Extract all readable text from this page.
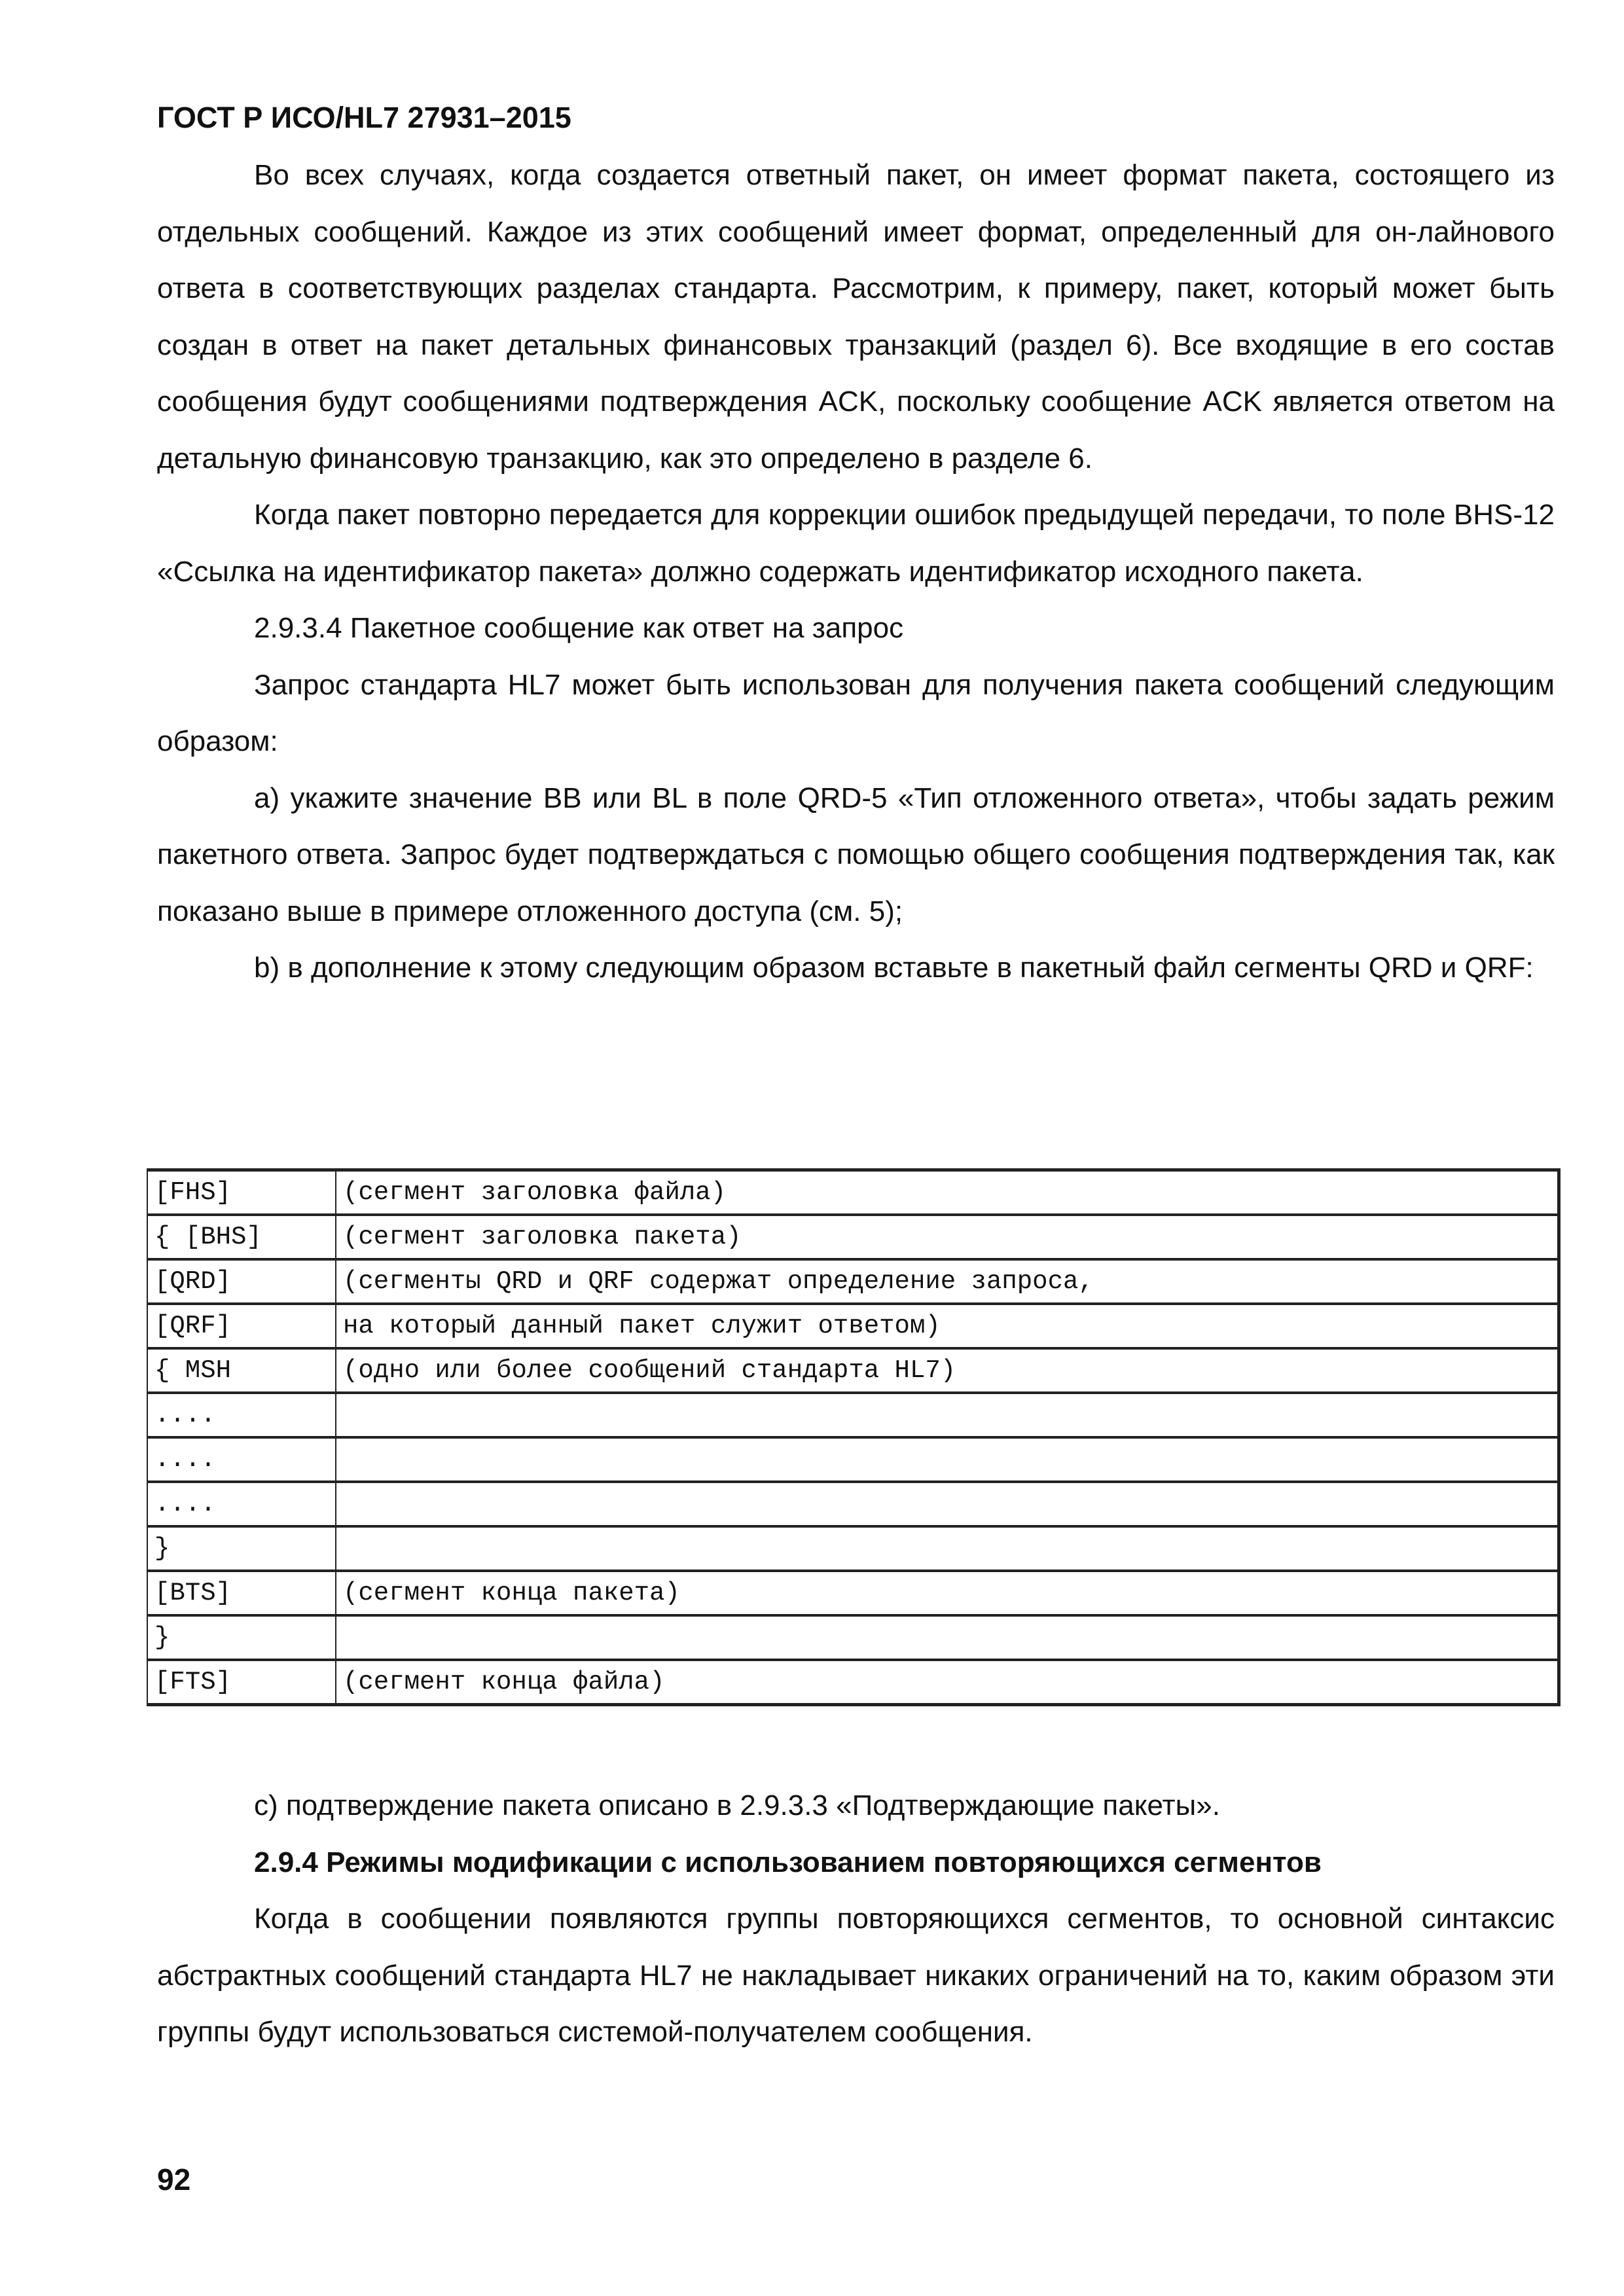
ГОСТ Р ИСО/HL7 27931–2015

Во всех случаях, когда создается ответный пакет, он имеет формат пакета, состоящего из отдельных сообщений. Каждое из этих сообщений имеет формат, определенный для он-лайнового ответа в соответствующих разделах стандарта. Рассмотрим, к примеру, пакет, который может быть создан в ответ на пакет детальных финансовых транзакций (раздел 6). Все входящие в его состав сообщения будут сообщениями подтверждения ACK, поскольку сообщение ACK является ответом на детальную финансовую транзакцию, как это определено в разделе 6.

Когда пакет повторно передается для коррекции ошибок предыдущей передачи, то поле BHS-12 «Ссылка на идентификатор пакета» должно содержать идентификатор исходного пакета.

2.9.3.4 Пакетное сообщение как ответ на запрос

Запрос стандарта HL7 может быть использован для получения пакета сообщений следующим образом:

a) укажите значение BB или BL в поле QRD-5 «Тип отложенного ответа», чтобы задать режим пакетного ответа. Запрос будет подтверждаться с помощью общего сообщения подтверждения так, как показано выше в примере отложенного доступа (см. 5);

b) в дополнение к этому следующим образом вставьте в пакетный файл сегменты QRD и QRF:

[FHS]	(сегмент заголовка файла)
{ [BHS]	(сегмент заголовка пакета)
[QRD]	(сегменты QRD и QRF содержат определение запроса,
[QRF]	на который данный пакет служит ответом)
{ MSH	(одно или более сообщений стандарта HL7)
....	
....	
....	
}	
[BTS]	(сегмент конца пакета)
}	
[FTS]	(сегмент конца файла)

c) подтверждение пакета описано в 2.9.3.3 «Подтверждающие пакеты».

2.9.4 Режимы модификации с использованием повторяющихся сегментов

Когда в сообщении появляются группы повторяющихся сегментов, то основной синтаксис абстрактных сообщений стандарта HL7 не накладывает никаких ограничений на то, каким образом эти группы будут использоваться системой-получателем сообщения.

92
